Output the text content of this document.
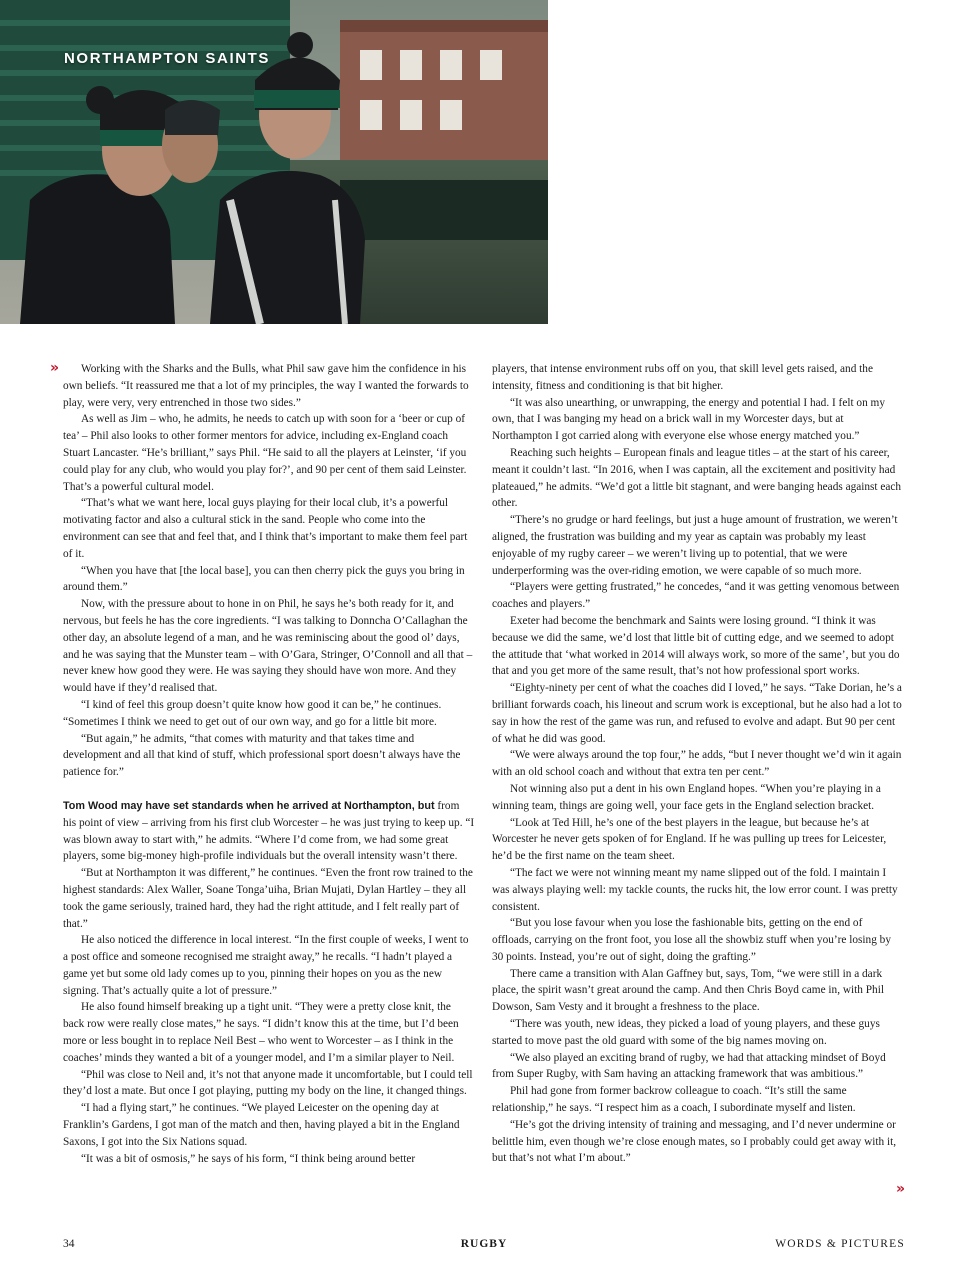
NORTHAMPTON SAINTS
»	Working with the Sharks and the Bulls, what Phil saw gave him the confidence in his own beliefs. “It reassured me that a lot of my principles, the way I wanted the forwards to play, were very, very entrenched in those two sides.”

As well as Jim – who, he admits, he needs to catch up with soon for a ‘beer or cup of tea’ – Phil also looks to other former mentors for advice, including ex-England coach Stuart Lancaster. “He’s brilliant,” says Phil. “He said to all the players at Leinster, ‘if you could play for any club, who would you play for?’, and 90 per cent of them said Leinster. That’s a powerful cultural model.

“That’s what we want here, local guys playing for their local club, it’s a powerful motivating factor and also a cultural stick in the sand. People who come into the environment can see that and feel that, and I think that’s important to make them feel part of it.

“When you have that [the local base], you can then cherry pick the guys you bring in around them.”

Now, with the pressure about to hone in on Phil, he says he’s both ready for it, and nervous, but feels he has the core ingredients. “I was talking to Donncha O’Callaghan the other day, an absolute legend of a man, and he was reminiscing about the good ol’ days, and he was saying that the Munster team – with O’Gara, Stringer, O’Connoll and all that – never knew how good they were. He was saying they should have won more. And they would have if they’d realised that.

“I kind of feel this group doesn’t quite know how good it can be,” he continues. “Sometimes I think we need to get out of our own way, and go for a little bit more.

“But again,” he admits, “that comes with maturity and that takes time and development and all that kind of stuff, which professional sport doesn’t always have the patience for.”

Tom Wood may have set standards when he arrived at Northampton, but from his point of view – arriving from his first club Worcester – he was just trying to keep up. “I was blown away to start with,” he admits. “Where I’d come from, we had some great players, some big-money high-profile individuals but the overall intensity wasn’t there.

“But at Northampton it was different,” he continues. “Even the front row trained to the highest standards: Alex Waller, Soane Tonga’uiha, Brian Mujati, Dylan Hartley – they all took the game seriously, trained hard, they had the right attitude, and I felt really part of that.”

He also noticed the difference in local interest. “In the first couple of weeks, I went to a post office and someone recognised me straight away,” he recalls. “I hadn’t played a game yet but some old lady comes up to you, pinning their hopes on you as the new signing. That’s actually quite a lot of pressure.”

He also found himself breaking up a tight unit. “They were a pretty close knit, the back row were really close mates,” he says. “I didn’t know this at the time, but I’d been more or less bought in to replace Neil Best – who went to Worcester – as I think in the coaches’ minds they wanted a bit of a younger model, and I’m a similar player to Neil.

“Phil was close to Neil and, it’s not that anyone made it uncomfortable, but I could tell they’d lost a mate. But once I got playing, putting my body on the line, it changed things.

“I had a flying start,” he continues. “We played Leicester on the opening day at Franklin’s Gardens, I got man of the match and then, having played a bit in the England Saxons, I got into the Six Nations squad.

“It was a bit of osmosis,” he says of his form, “I think being around better

players, that intense environment rubs off on you, that skill level gets raised, and the intensity, fitness and conditioning is that bit higher.

“It was also unearthing, or unwrapping, the energy and potential I had. I felt on my own, that I was banging my head on a brick wall in my Worcester days, but at Northampton I got carried along with everyone else whose energy matched you.”

Reaching such heights – European finals and league titles – at the start of his career, meant it couldn’t last. “In 2016, when I was captain, all the excitement and positivity had plateaued,” he admits. “We’d got a little bit stagnant, and were banging heads against each other.

“There’s no grudge or hard feelings, but just a huge amount of frustration, we weren’t aligned, the frustration was building and my year as captain was probably my least enjoyable of my rugby career – we weren’t living up to potential, that we were underperforming was the over-riding emotion, we were capable of so much more.

“Players were getting frustrated,” he concedes, “and it was getting venomous between coaches and players.”

Exeter had become the benchmark and Saints were losing ground. “I think it was because we did the same, we’d lost that little bit of cutting edge, and we seemed to adopt the attitude that ‘what worked in 2014 will always work, so more of the same’, but you do that and you get more of the same result, that’s not how professional sport works.

“Eighty-ninety per cent of what the coaches did I loved,” he says. “Take Dorian, he’s a brilliant forwards coach, his lineout and scrum work is exceptional, but he also had a lot to say in how the rest of the game was run, and refused to evolve and adapt. But 90 per cent of what he did was good.

“We were always around the top four,” he adds, “but I never thought we’d win it again with an old school coach and without that extra ten per cent.”

Not winning also put a dent in his own England hopes. “When you’re playing in a winning team, things are going well, your face gets in the England selection bracket.

“Look at Ted Hill, he’s one of the best players in the league, but because he’s at Worcester he never gets spoken of for England. If he was pulling up trees for Leicester, he’d be the first name on the team sheet.

“The fact we were not winning meant my name slipped out of the fold. I maintain I was always playing well: my tackle counts, the rucks hit, the low error count. I was pretty consistent.

“But you lose favour when you lose the fashionable bits, getting on the end of offloads, carrying on the front foot, you lose all the showbiz stuff when you’re losing by 30 points. Instead, you’re out of sight, doing the grafting.”

There came a transition with Alan Gaffney but, says, Tom, “we were still in a dark place, the spirit wasn’t great around the camp. And then Chris Boyd came in, with Phil Dowson, Sam Vesty and it brought a freshness to the place.

“There was youth, new ideas, they picked a load of young players, and these guys started to move past the old guard with some of the big names moving on.

“We also played an exciting brand of rugby, we had that attacking mindset of Boyd from Super Rugby, with Sam having an attacking framework that was ambitious.”

Phil had gone from former backrow colleague to coach. “It’s still the same relationship,” he says. “I respect him as a coach, I subordinate myself and listen.

“He’s got the driving intensity of training and messaging, and I’d never undermine or belittle him, even though we’re close enough mates, so I probably could get away with it, but that’s not what I’m about.”

»
34	RUGBY	WORDS & PICTURES
